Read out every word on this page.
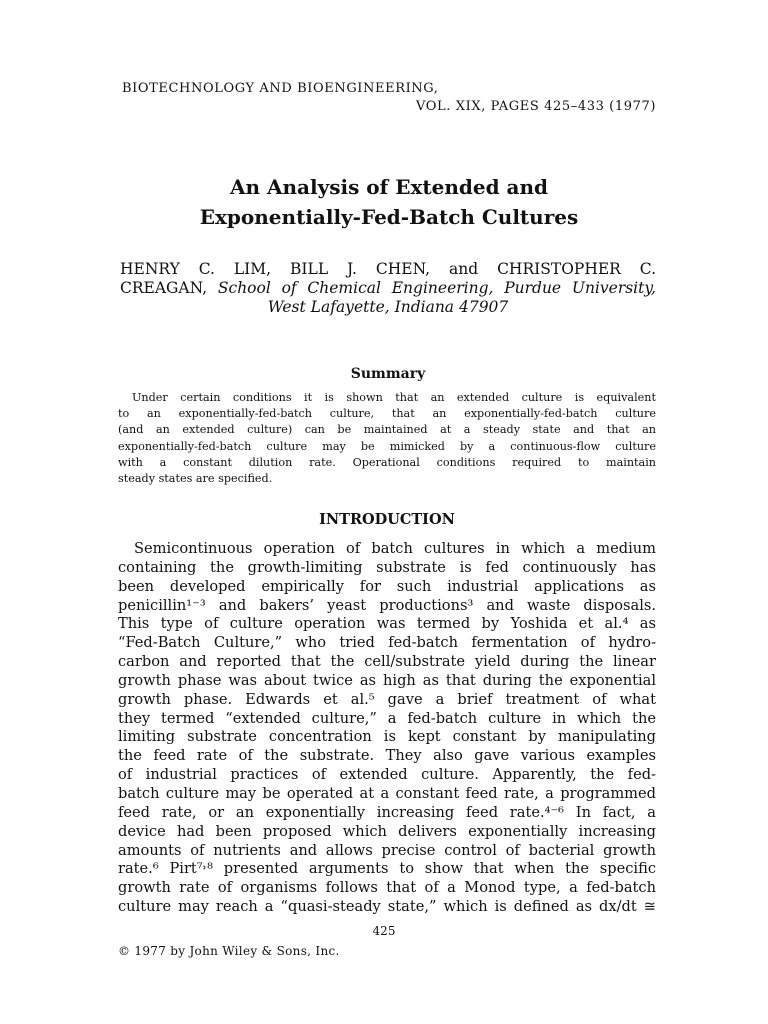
BIOTECHNOLOGY AND BIOENGINEERING,
VOL. XIX, PAGES 425–433 (1977)
An Analysis of Extended and
Exponentially-Fed-Batch Cultures
HENRY C. LIM, BILL J. CHEN, and CHRISTOPHER C.
CREAGAN, School of Chemical Engineering, Purdue University,
West Lafayette, Indiana 47907
Summary
Under certain conditions it is shown that an extended culture is equivalent
to an exponentially-fed-batch culture, that an exponentially-fed-batch culture
(and an extended culture) can be maintained at a steady state and that an
exponentially-fed-batch culture may be mimicked by a continuous-flow culture
with a constant dilution rate. Operational conditions required to maintain
steady states are specified.
INTRODUCTION
Semicontinuous operation of batch cultures in which a medium
containing the growth-limiting substrate is fed continuously has
been developed empirically for such industrial applications as
penicillin¹⁻³ and bakers’ yeast productions³ and waste disposals.
This type of culture operation was termed by Yoshida et al.⁴ as
“Fed-Batch Culture,” who tried fed-batch fermentation of hydro-
carbon and reported that the cell/substrate yield during the linear
growth phase was about twice as high as that during the exponential
growth phase. Edwards et al.⁵ gave a brief treatment of what
they termed “extended culture,” a fed-batch culture in which the
limiting substrate concentration is kept constant by manipulating
the feed rate of the substrate. They also gave various examples
of industrial practices of extended culture. Apparently, the fed-
batch culture may be operated at a constant feed rate, a programmed
feed rate, or an exponentially increasing feed rate.⁴⁻⁶ In fact, a
device had been proposed which delivers exponentially increasing
amounts of nutrients and allows precise control of bacterial growth
rate.⁶ Pirt⁷˒⁸ presented arguments to show that when the specific
growth rate of organisms follows that of a Monod type, a fed-batch
culture may reach a “quasi-steady state,” which is defined as dx/dt ≅
425
© 1977 by John Wiley & Sons, Inc.
